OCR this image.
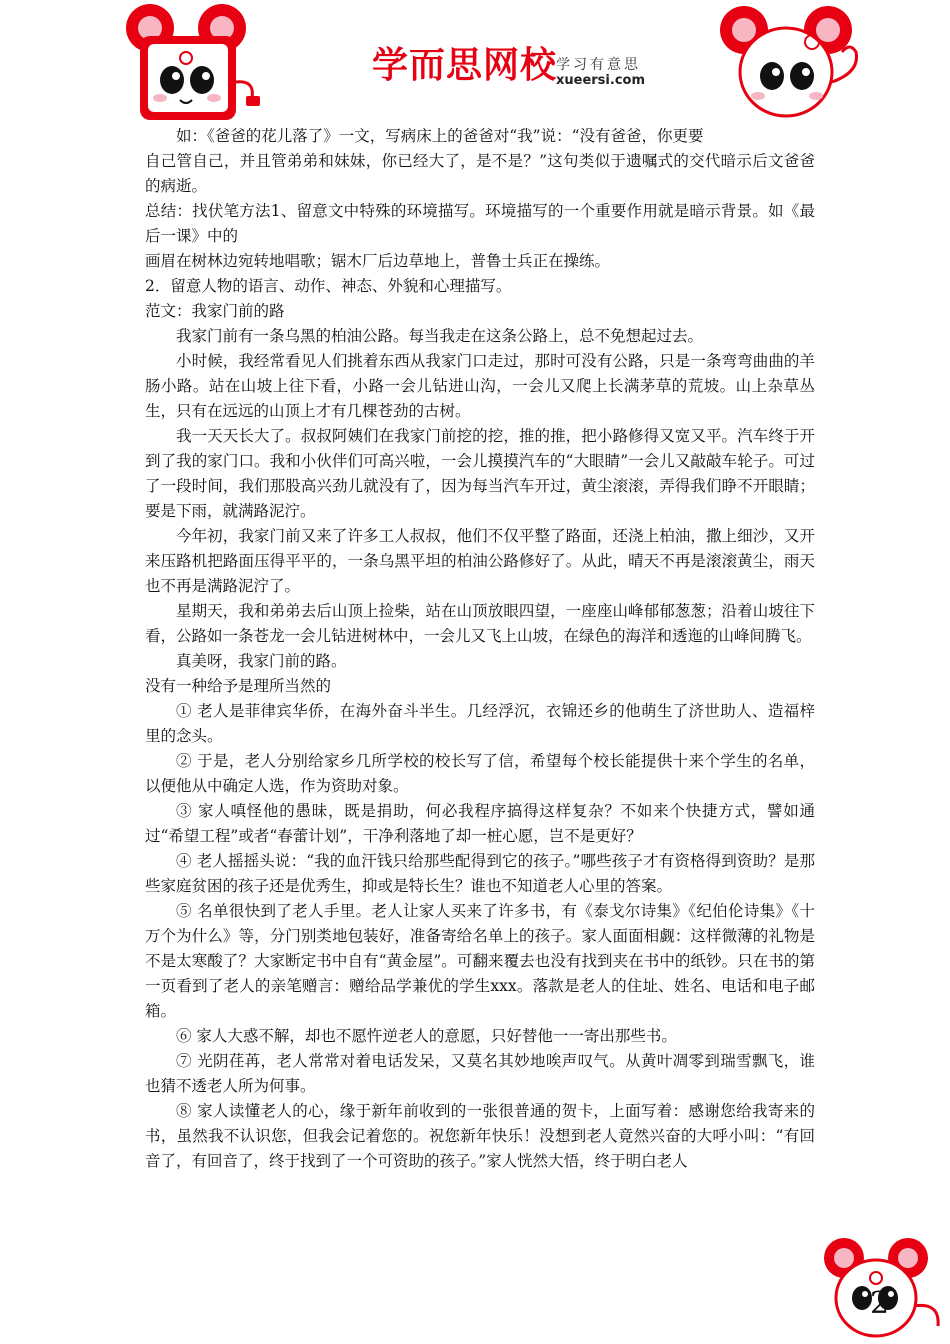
学而思网校
学习有意思
xueersi.com

如：《爸爸的花儿落了》一文，写病床上的爸爸对“我”说：“没有爸爸，你更要

自己管自己，并且管弟弟和妹妹，你已经大了，是不是？”这句类似于遗嘱式的交代暗示后文爸爸的病逝。

总结：找伏笔方法1、留意文中特殊的环境描写。环境描写的一个重要作用就是暗示背景。如《最后一课》中的

画眉在树林边宛转地唱歌；锯木厂后边草地上，普鲁士兵正在操练。

2．留意人物的语言、动作、神态、外貌和心理描写。

范文：我家门前的路

我家门前有一条乌黑的柏油公路。每当我走在这条公路上，总不免想起过去。

小时候，我经常看见人们挑着东西从我家门口走过，那时可没有公路，只是一条弯弯曲曲的羊肠小路。站在山坡上往下看，小路一会儿钻进山沟，一会儿又爬上长满茅草的荒坡。山上杂草丛生，只有在远远的山顶上才有几棵苍劲的古树。

我一天天长大了。叔叔阿姨们在我家门前挖的挖，推的推，把小路修得又宽又平。汽车终于开到了我的家门口。我和小伙伴们可高兴啦，一会儿摸摸汽车的“大眼睛”一会儿又敲敲车轮子。可过了一段时间，我们那股高兴劲儿就没有了，因为每当汽车开过，黄尘滚滚，弄得我们睁不开眼睛；要是下雨，就满路泥泞。

今年初，我家门前又来了许多工人叔叔，他们不仅平整了路面，还浇上柏油，撒上细沙，又开来压路机把路面压得平平的，一条乌黑平坦的柏油公路修好了。从此，晴天不再是滚滚黄尘，雨天也不再是满路泥泞了。

星期天，我和弟弟去后山顶上捡柴，站在山顶放眼四望，一座座山峰郁郁葱葱；沿着山坡往下看，公路如一条苍龙一会儿钻进树林中，一会儿又飞上山坡，在绿色的海洋和透迤的山峰间腾飞。

真美呀，我家门前的路。

没有一种给予是理所当然的

① 老人是菲律宾华侨，在海外奋斗半生。几经浮沉，衣锦还乡的他萌生了济世助人、造福梓里的念头。

② 于是，老人分别给家乡几所学校的校长写了信，希望每个校长能提供十来个学生的名单，以便他从中确定人选，作为资助对象。

③ 家人嗔怪他的愚昧，既是捐助，何必我程序搞得这样复杂？不如来个快捷方式，譬如通过“希望工程”或者“春蕾计划”，干净利落地了却一桩心愿，岂不是更好？

④ 老人摇摇头说：“我的血汗钱只给那些配得到它的孩子。”哪些孩子才有资格得到资助？是那些家庭贫困的孩子还是优秀生，抑或是特长生？谁也不知道老人心里的答案。

⑤ 名单很快到了老人手里。老人让家人买来了许多书，有《泰戈尔诗集》《纪伯伦诗集》《十万个为什么》等，分门别类地包装好，准备寄给名单上的孩子。家人面面相觑：这样微薄的礼物是不是太寒酸了？大家断定书中自有“黄金屋”。可翻来覆去也没有找到夹在书中的纸钞。只在书的第一页看到了老人的亲笔赠言：赠给品学兼优的学生xxx。落款是老人的住址、姓名、电话和电子邮箱。

⑥ 家人大惑不解，却也不愿忤逆老人的意愿，只好替他一一寄出那些书。

⑦ 光阴荏苒，老人常常对着电话发呆，又莫名其妙地唉声叹气。从黄叶凋零到瑞雪飘飞，谁也猜不透老人所为何事。

⑧ 家人读懂老人的心，缘于新年前收到的一张很普通的贺卡，上面写着：感谢您给我寄来的书，虽然我不认识您，但我会记着您的。祝您新年快乐！没想到老人竟然兴奋的大呼小叫：“有回音了，有回音了，终于找到了一个可资助的孩子。”家人恍然大悟，终于明白老人

2
